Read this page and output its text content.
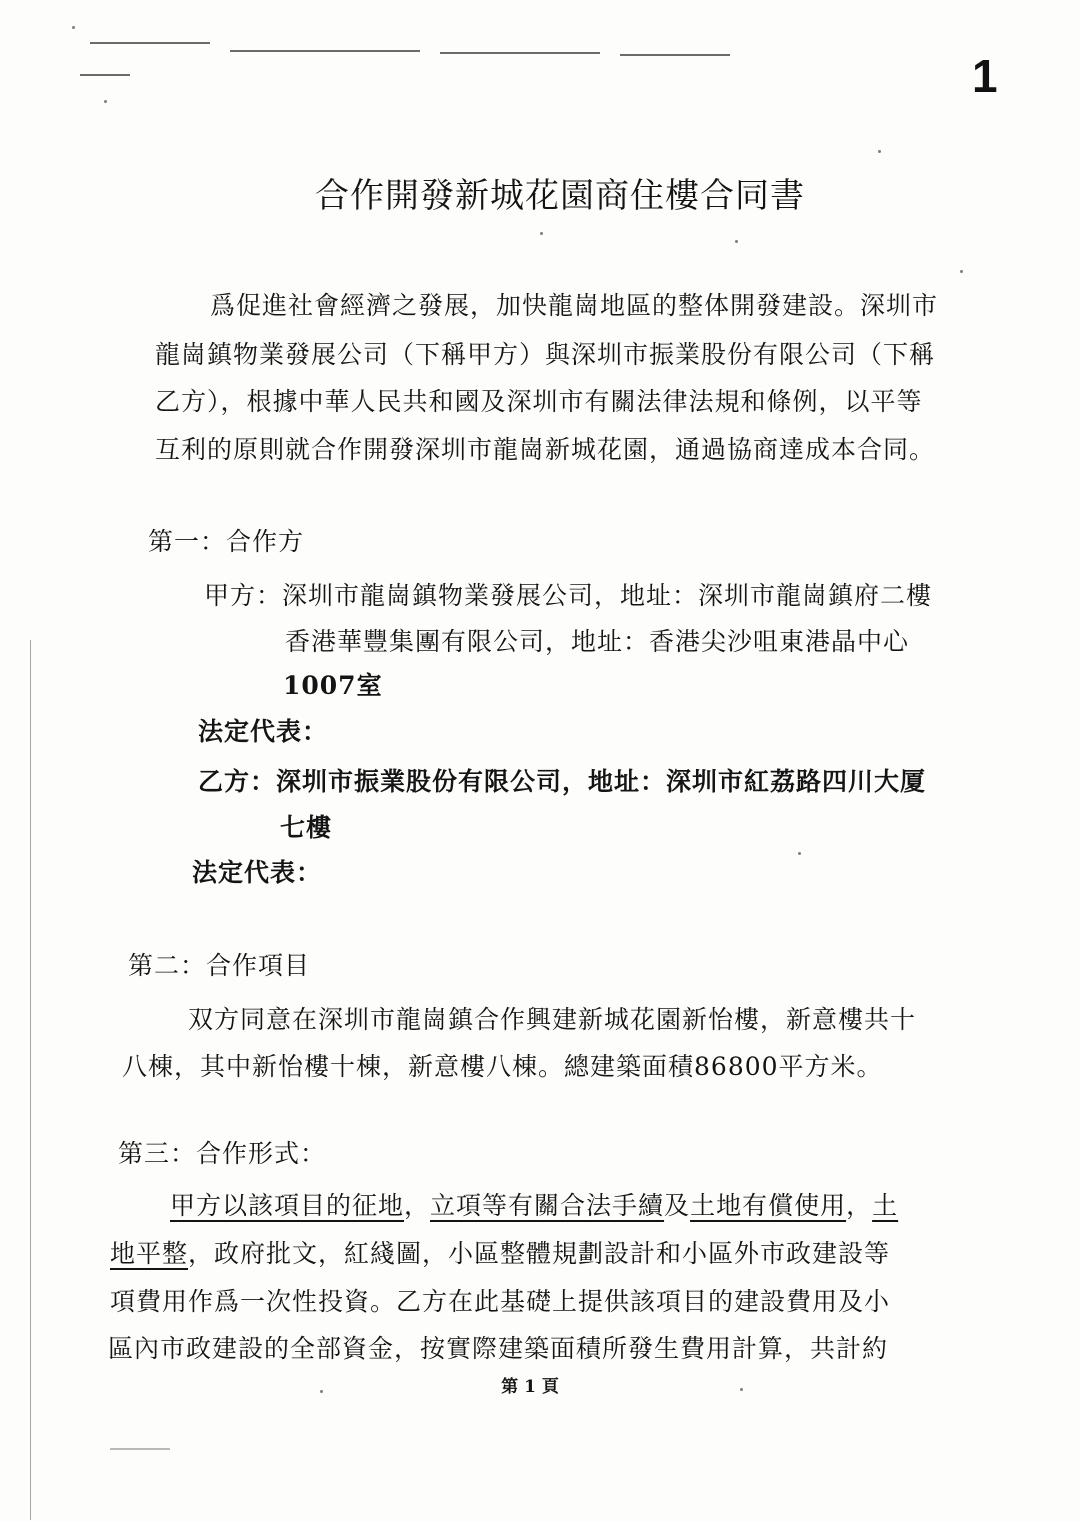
1
合作開發新城花園商住樓合同書
爲促進社會經濟之發展，加快龍崗地區的整体開發建設。深圳市
龍崗鎮物業發展公司（下稱甲方）與深圳市振業股份有限公司（下稱
乙方），根據中華人民共和國及深圳市有關法律法規和條例，以平等
互利的原則就合作開發深圳市龍崗新城花園，通過協商達成本合同。
第一：合作方
甲方：深圳市龍崗鎮物業發展公司，地址：深圳市龍崗鎮府二樓
香港華豐集團有限公司，地址：香港尖沙咀東港晶中心
1007室
法定代表：
乙方：深圳市振業股份有限公司，地址：深圳市紅荔路四川大厦
七樓
法定代表：
第二：合作項目
双方同意在深圳市龍崗鎮合作興建新城花園新怡樓，新意樓共十
八棟，其中新怡樓十棟，新意樓八棟。總建築面積86800平方米。
第三：合作形式：
甲方以該項目的征地，立項等有關合法手續及土地有償使用，土
地平整，政府批文，紅綫圖，小區整體規劃設計和小區外市政建設等
項費用作爲一次性投資。乙方在此基礎上提供該項目的建設費用及小
區內市政建設的全部資金，按實際建築面積所發生費用計算，共計約
第 1 頁
